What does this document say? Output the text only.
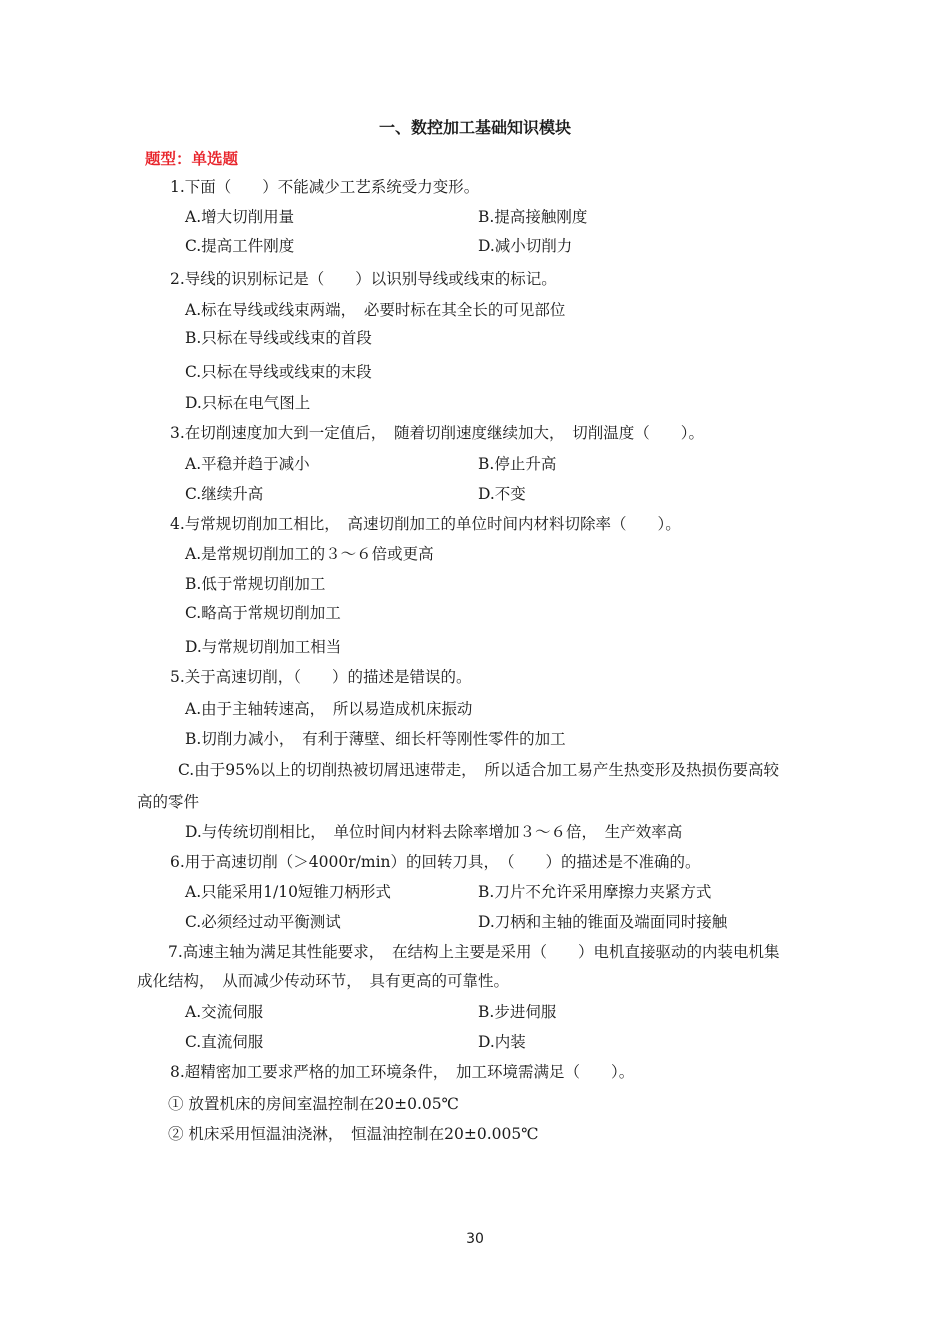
一、数控加工基础知识模块
题型：单选题
1.下面（　　）不能减少工艺系统受力变形。
A.增大切削用量	B.提高接触刚度
C.提高工件刚度	D.减小切削力
2.导线的识别标记是（　　）以识别导线或线束的标记。
A.标在导线或线束两端，　必要时标在其全长的可见部位
B.只标在导线或线束的首段
C.只标在导线或线束的末段
D.只标在电气图上
3.在切削速度加大到一定值后，　随着切削速度继续加大，　切削温度（　　）。
A.平稳并趋于减小	B.停止升高
C.继续升高	D.不变
4.与常规切削加工相比，　高速切削加工的单位时间内材料切除率（　　）。
A.是常规切削加工的３～６倍或更高
B.低于常规切削加工
C.略高于常规切削加工
D.与常规切削加工相当
5.关于高速切削，（　　）的描述是错误的。
A.由于主轴转速高，　所以易造成机床振动
B.切削力减小，　有利于薄壁、细长杆等刚性零件的加工
C.由于95%以上的切削热被切屑迅速带走，　所以适合加工易产生热变形及热损伤要高较
高的零件
D.与传统切削相比，　单位时间内材料去除率增加３～６倍，　生产效率高
6.用于高速切削（＞4000r/min）的回转刀具，　（　　）的描述是不准确的。
A.只能采用1/10短锥刀柄形式	B.刀片不允许采用摩擦力夹紧方式
C.必须经过动平衡测试	D.刀柄和主轴的锥面及端面同时接触
7.高速主轴为满足其性能要求，　在结构上主要是采用（　　）电机直接驱动的内装电机集
成化结构，　从而减少传动环节，　具有更高的可靠性。
A.交流伺服	B.步进伺服
C.直流伺服	D.内装
8.超精密加工要求严格的加工环境条件，　加工环境需满足（　　）。
① 放置机床的房间室温控制在20±0.05℃
② 机床采用恒温油浇淋，　恒温油控制在20±0.005℃
30
